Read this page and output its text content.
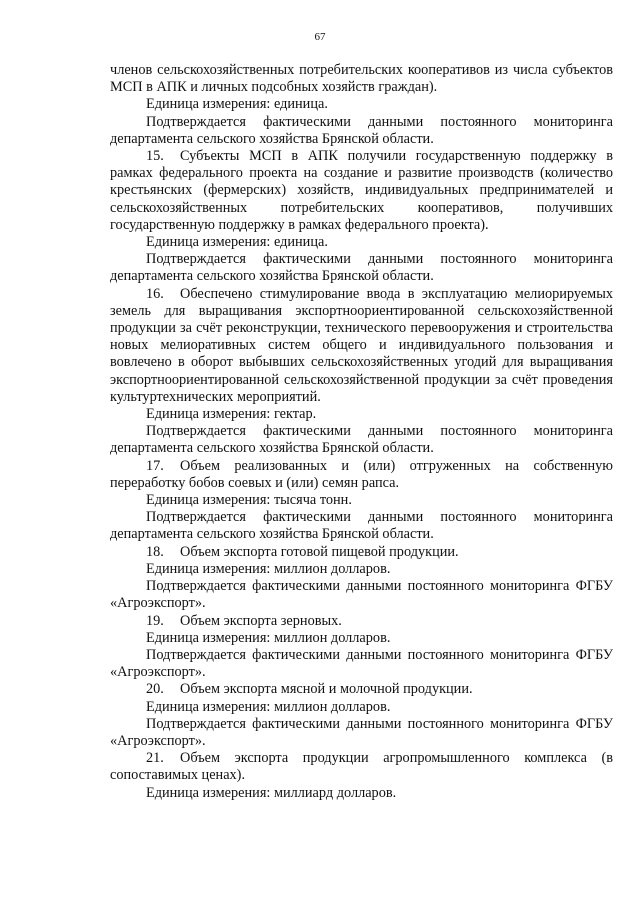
67

членов сельскохозяйственных потребительских кооперативов из числа субъектов МСП в АПК и личных подсобных хозяйств граждан).

Единица измерения: единица.

Подтверждается фактическими данными постоянного мониторинга департамента сельского хозяйства Брянской области.

15. Субъекты МСП в АПК получили государственную поддержку в рамках федерального проекта на создание и развитие производств (количество крестьянских (фермерских) хозяйств, индивидуальных предпринимателей и сельскохозяйственных потребительских кооперативов, получивших государственную поддержку в рамках федерального проекта).

Единица измерения: единица.

Подтверждается фактическими данными постоянного мониторинга департамента сельского хозяйства Брянской области.

16. Обеспечено стимулирование ввода в эксплуатацию мелиорируемых земель для выращивания экспортноориентированной сельскохозяйственной продукции за счёт реконструкции, технического перевооружения и строительства новых мелиоративных систем общего и индивидуального пользования и вовлечено в оборот выбывших сельскохозяйственных угодий для выращивания экспортноориентированной сельскохозяйственной продукции за счёт проведения культуртехнических мероприятий.

Единица измерения: гектар.

Подтверждается фактическими данными постоянного мониторинга департамента сельского хозяйства Брянской области.

17. Объем реализованных и (или) отгруженных на собственную переработку бобов соевых и (или) семян рапса.

Единица измерения: тысяча тонн.

Подтверждается фактическими данными постоянного мониторинга департамента сельского хозяйства Брянской области.

18. Объем экспорта готовой пищевой продукции.

Единица измерения: миллион долларов.

Подтверждается фактическими данными постоянного мониторинга ФГБУ «Агроэкспорт».

19. Объем экспорта зерновых.

Единица измерения: миллион долларов.

Подтверждается фактическими данными постоянного мониторинга ФГБУ «Агроэкспорт».

20. Объем экспорта мясной и молочной продукции.

Единица измерения: миллион долларов.

Подтверждается фактическими данными постоянного мониторинга ФГБУ «Агроэкспорт».

21. Объем экспорта продукции агропромышленного комплекса (в сопоставимых ценах).

Единица измерения: миллиард долларов.
